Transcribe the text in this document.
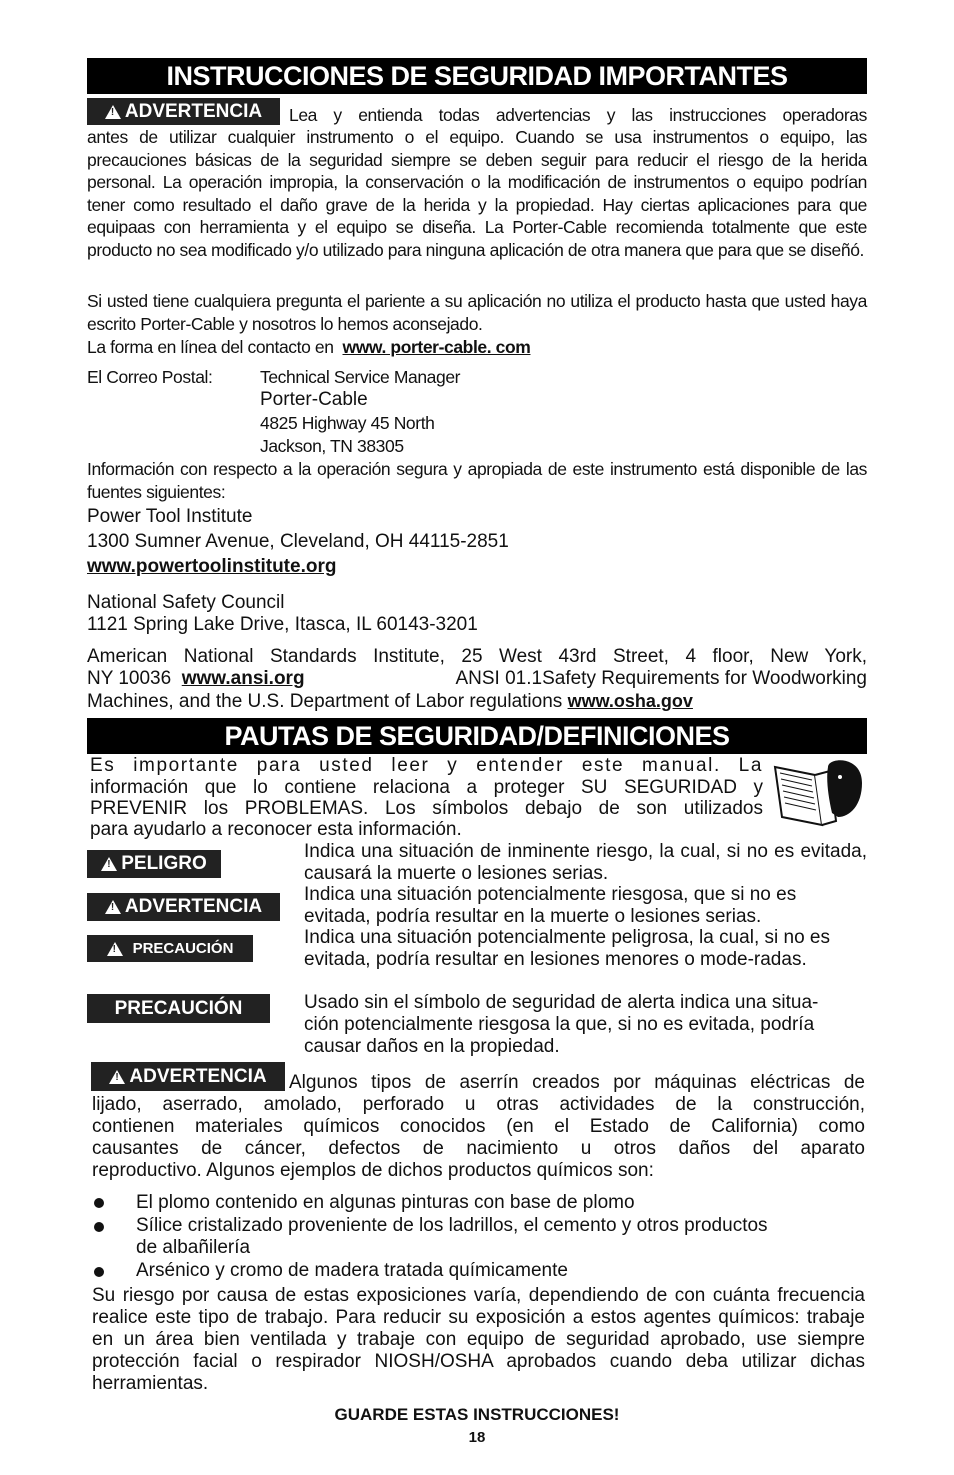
INSTRUCCIONES DE SEGURIDAD IMPORTANTES
!
ADVERTENCIA Lea y entienda todas advertencias y las instrucciones operadoras
antes de utilizar cualquier instrumento o el equipo. Cuando se usa instrumentos o equipo, las precauciones básicas de la seguridad siempre se deben seguir para reducir el riesgo de la herida personal. La operación impropia, la conservación o la modificación de instrumentos o equipo podrían tener como resultado el daño grave de la herida y la propiedad. Hay ciertas aplicaciones para que equipaas con herramienta y el equipo se diseña. La Porter-Cable recomienda totalmente que este producto no sea modificado y/o utilizado para ninguna aplicación de otra manera que para que se diseñó.
Si usted tiene cualquiera pregunta el pariente a su aplicación no utiliza el producto hasta que usted haya escrito Porter-Cable y nosotros lo hemos aconsejado.
La forma en línea del contacto en www. porter-cable. com
El Correo Postal:	Technical Service Manager
Porter-Cable
4825 Highway 45 North
Jackson, TN 38305
Información con respecto a la operación segura y apropiada de este instrumento está disponible de las fuentes siguientes:
Power Tool Institute
1300 Sumner Avenue, Cleveland, OH 44115-2851
www.powertoolinstitute.org
National Safety Council
1121 Spring Lake Drive, Itasca, IL 60143-3201
American National Standards Institute, 25 West 43rd Street, 4 floor, New York,
NY 10036 www.ansi.org	ANSI 01.1Safety Requirements for Woodworking
Machines, and the U.S. Department of Labor regulations www.osha.gov
PAUTAS DE SEGURIDAD/DEFINICIONES
Es importante para usted leer y entender este manual. La
información que lo contiene relaciona a proteger SU SEGURIDAD y
PREVENIR los PROBLEMAS. Los símbolos debajo de son utilizados
para ayudarlo a reconocer esta información.
!
PELIGRO
Indica una situación de inminente riesgo, la cual, si no es evitada, causará la muerte o lesiones serias.
!
ADVERTENCIA
Indica una situación potencialmente riesgosa, que si no es evitada, podría resultar en la muerte o lesiones serias.
!
PRECAUCIÓN
Indica una situación potencialmente peligrosa, la cual, si no es evitada, podría resultar en lesiones menores o mode-radas.
PRECAUCIÓN	Usado sin el símbolo de seguridad de alerta indica una situa-ción potencialmente riesgosa la que, si no es evitada, podría causar daños en la propiedad.
!
ADVERTENCIA Algunos tipos de aserrín creados por máquinas eléctricas de
lijado, aserrado, amolado, perforado u otras actividades de la construcción,
contienen materiales químicos conocidos (en el Estado de California) como
causantes de cáncer, defectos de nacimiento u otros daños del aparato
reproductivo. Algunos ejemplos de dichos productos químicos son:
El plomo contenido en algunas pinturas con base de plomo
Sílice cristalizado proveniente de los ladrillos, el cemento y otros productos de albañilería
Arsénico y cromo de madera tratada químicamente
Su riesgo por causa de estas exposiciones varía, dependiendo de con cuánta frecuencia realice este tipo de trabajo. Para reducir su exposición a estos agentes químicos: trabaje en un área bien ventilada y trabaje con equipo de seguridad aprobado, use siempre protección facial o respirador NIOSH/OSHA aprobados cuando deba utilizar dichas herramientas.
GUARDE ESTAS INSTRUCCIONES!
18
